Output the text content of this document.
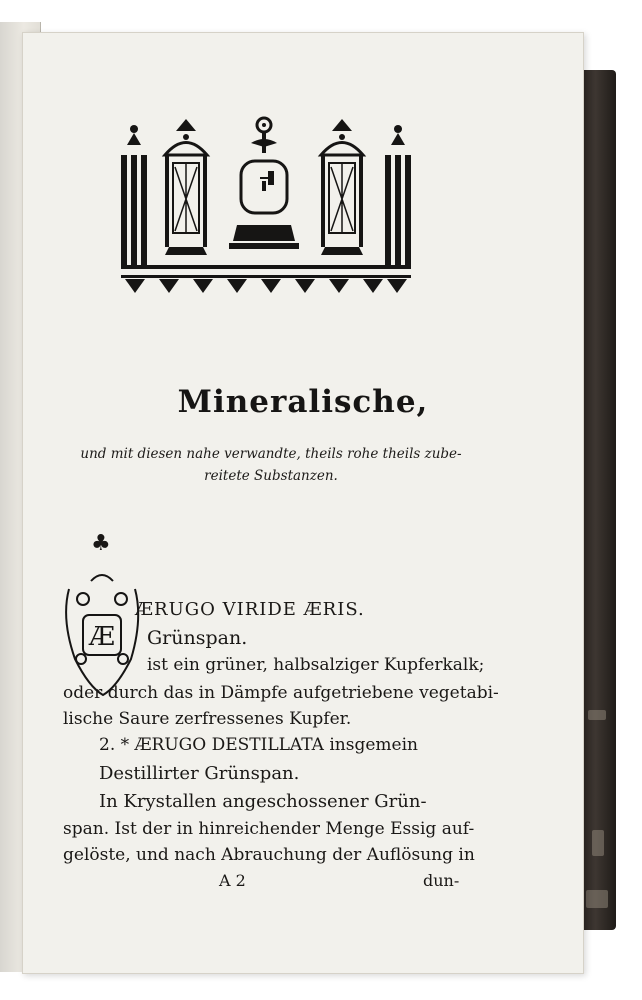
Mineralische,
und mit diesen nahe verwandte, theils rohe theils zube-
reitete Substanzen.
♣
Æ
ÆRUGO VIRIDE ÆRIS.
Grünspan.
ist ein grüner, halbsalziger Kupferkalk;
oder durch das in Dämpfe aufgetriebene vegetabi-
lische Saure zerfressenes Kupfer.
2. * ÆRUGO DESTILLATA insgemein
Destillirter Grünspan.
In Krystallen angeschossener Grün-
span. Ist der in hinreichender Menge Essig auf-
gelöste, und nach Abrauchung der Auflösung in
A 2	dun-
